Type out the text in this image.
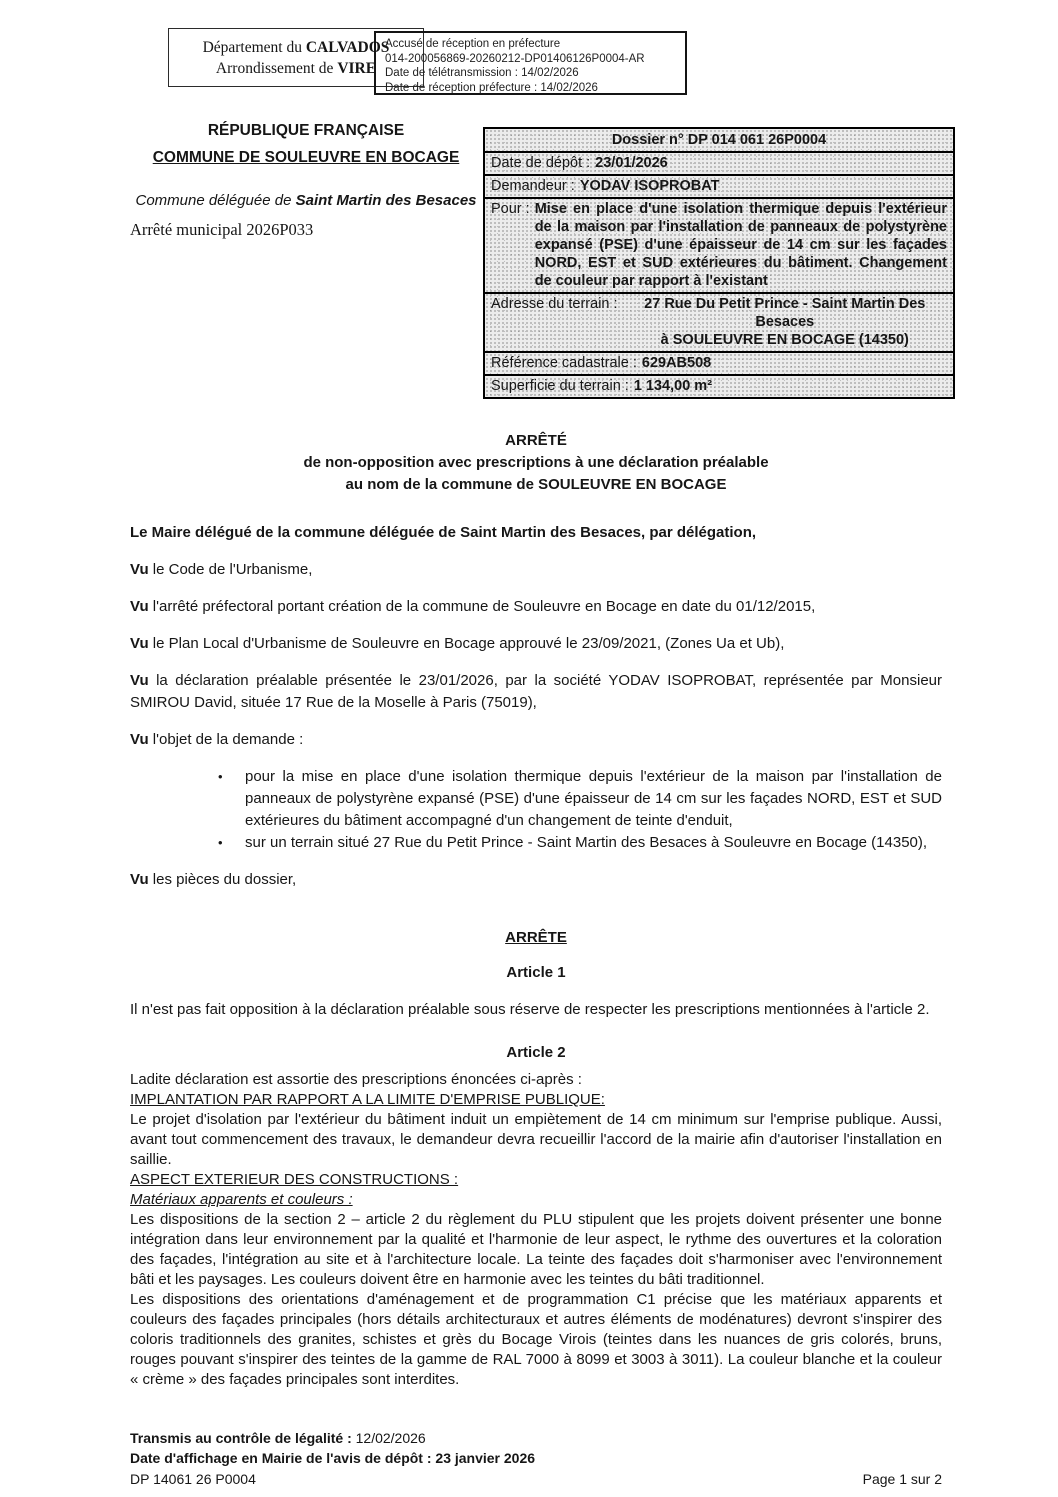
Département du CALVADOS
Arrondissement de VIRE
Accusé de réception en préfecture
014-200056869-20260212-DP01406126P0004-AR
Date de télétransmission : 14/02/2026
Date de réception préfecture : 14/02/2026
RÉPUBLIQUE FRANÇAISE
COMMUNE DE SOULEUVRE EN BOCAGE
Commune déléguée de Saint Martin des Besaces
Arrêté municipal 2026P033
Dossier n° DP 014 061 26P0004
Date de dépôt : 23/01/2026
Demandeur : YODAV ISOPROBAT
Pour : Mise en place d'une isolation thermique depuis l'extérieur de la maison par l'installation de panneaux de polystyrène expansé (PSE) d'une épaisseur de 14 cm sur les façades NORD, EST et SUD extérieures du bâtiment. Changement de couleur par rapport à l'existant
Adresse du terrain :	27 Rue Du Petit Prince - Saint Martin Des Besaces
à SOULEUVRE EN BOCAGE (14350)
Référence cadastrale : 629AB508
Superficie du terrain : 1 134,00 m²
ARRÊTÉ
de non-opposition avec prescriptions à une déclaration préalable
au nom de la commune de SOULEUVRE EN BOCAGE

Le Maire délégué de la commune déléguée de Saint Martin des Besaces, par délégation,

Vu le Code de l'Urbanisme,

Vu l'arrêté préfectoral portant création de la commune de Souleuvre en Bocage en date du 01/12/2015,

Vu le Plan Local d'Urbanisme de Souleuvre en Bocage approuvé le 23/09/2021, (Zones Ua et Ub),

Vu la déclaration préalable présentée le 23/01/2026, par la société YODAV ISOPROBAT, représentée par Monsieur SMIROU David, située 17 Rue de la Moselle à Paris (75019),

Vu l'objet de la demande :

• pour la mise en place d'une isolation thermique depuis l'extérieur de la maison par l'installation de panneaux de polystyrène expansé (PSE) d'une épaisseur de 14 cm sur les façades NORD, EST et SUD extérieures du bâtiment accompagné d'un changement de teinte d'enduit,
• sur un terrain situé 27 Rue du Petit Prince - Saint Martin des Besaces à Souleuvre en Bocage (14350),

Vu les pièces du dossier,

ARRÊTE
Article 1

Il n'est pas fait opposition à la déclaration préalable sous réserve de respecter les prescriptions mentionnées à l'article 2.

Article 2
Ladite déclaration est assortie des prescriptions énoncées ci-après :
IMPLANTATION PAR RAPPORT A LA LIMITE D'EMPRISE PUBLIQUE:
Le projet d'isolation par l'extérieur du bâtiment induit un empiètement de 14 cm minimum sur l'emprise publique. Aussi, avant tout commencement des travaux, le demandeur devra recueillir l'accord de la mairie afin d'autoriser l'installation en saillie.
ASPECT EXTERIEUR DES CONSTRUCTIONS :
Matériaux apparents et couleurs :
Les dispositions de la section 2 – article 2 du règlement du PLU stipulent que les projets doivent présenter une bonne intégration dans leur environnement par la qualité et l'harmonie de leur aspect, le rythme des ouvertures et la coloration des façades, l'intégration au site et à l'architecture locale. La teinte des façades doit s'harmoniser avec l'environnement bâti et les paysages. Les couleurs doivent être en harmonie avec les teintes du bâti traditionnel.
Les dispositions des orientations d'aménagement et de programmation C1 précise que les matériaux apparents et couleurs des façades principales (hors détails architecturaux et autres éléments de modénatures) devront s'inspirer des coloris traditionnels des granites, schistes et grès du Bocage Virois (teintes dans les nuances de gris colorés, bruns, rouges pouvant s'inspirer des teintes de la gamme de RAL 7000 à 8099 et 3003 à 3011). La couleur blanche et la couleur « crème » des façades principales sont interdites.
Transmis au contrôle de légalité : 12/02/2026
Date d'affichage en Mairie de l'avis de dépôt : 23 janvier 2026
DP 14061 26 P0004	Page 1 sur 2
